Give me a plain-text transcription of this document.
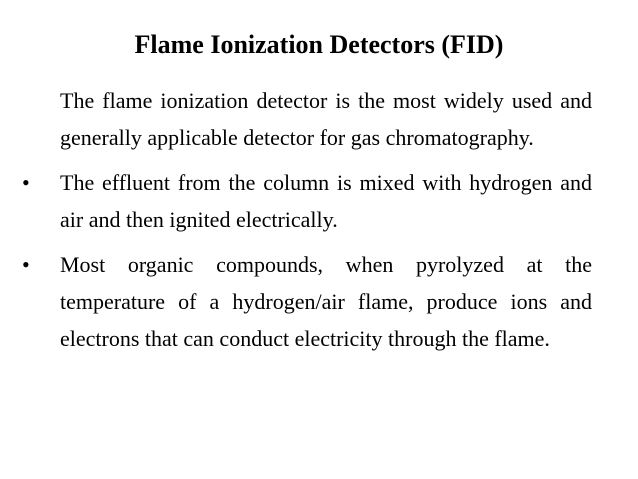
Flame Ionization Detectors (FID)

The flame ionization detector is the most widely used and generally applicable detector for gas chromatography.

•	The effluent from the column is mixed with hydrogen and air and then ignited electrically.

•	Most organic compounds, when pyrolyzed at the temperature of a hydrogen/air flame, produce ions and electrons that can conduct electricity through the flame.
